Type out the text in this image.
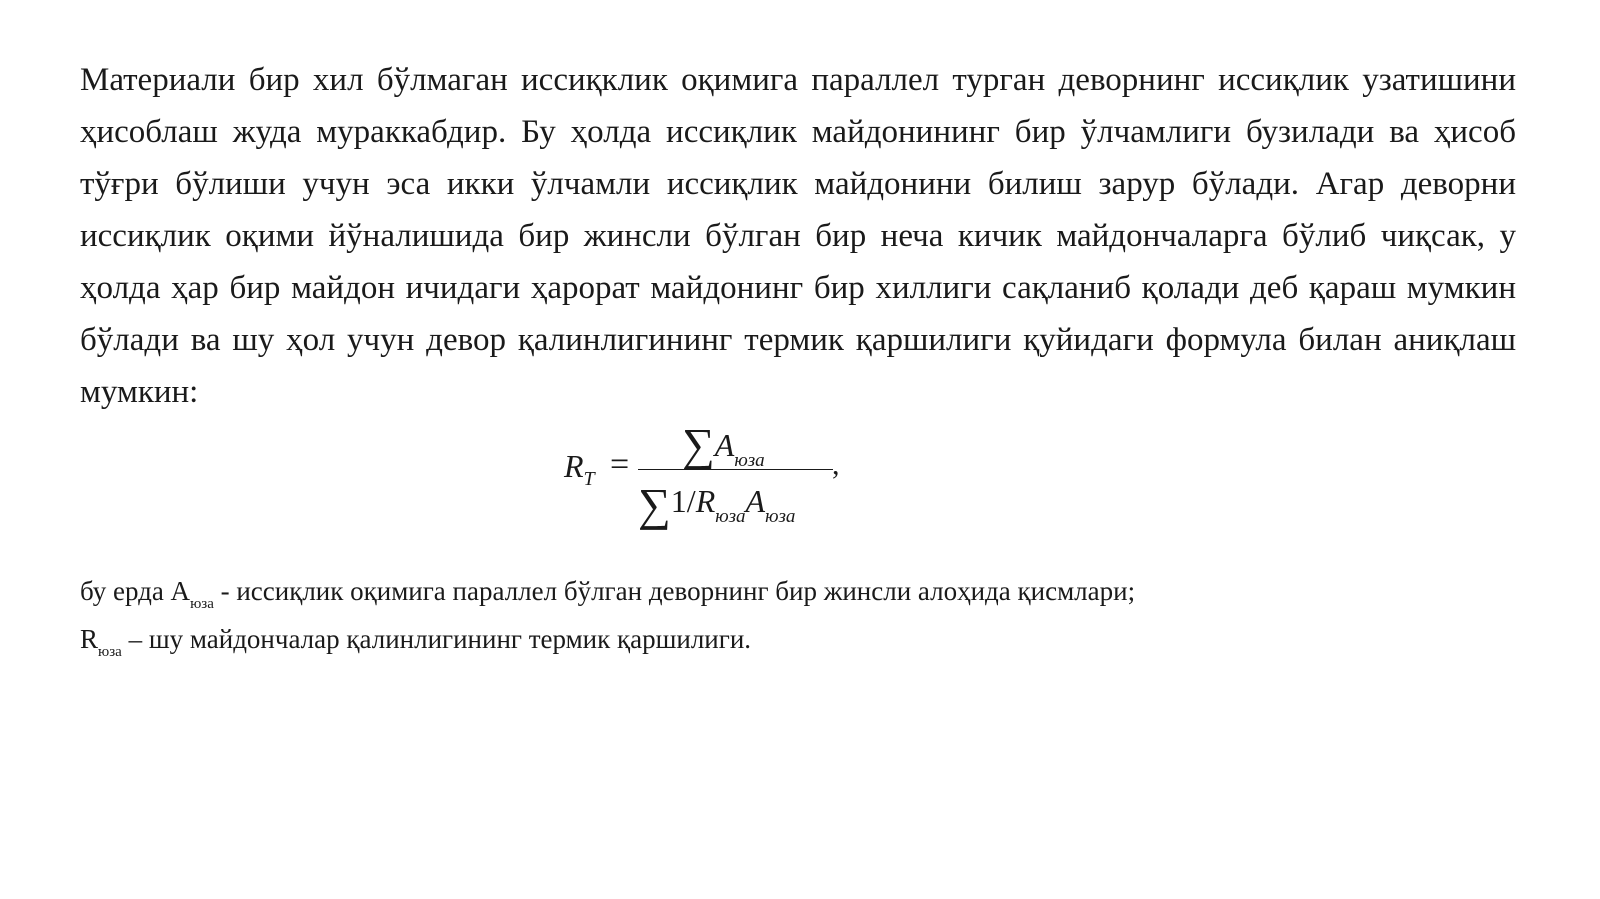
Материали бир хил бўлмаган иссиқклик оқимига параллел турган деворнинг иссиқлик узатишини ҳисоблаш жуда мураккабдир. Бу ҳолда иссиқлик майдонининг бир ўлчамлиги бузилади ва ҳисоб тўғри бўлиши учун эса икки ўлчамли иссиқлик майдонини билиш зарур бўлади. Агар деворни иссиқлик оқими йўналишида бир жинсли бўлган бир неча кичик майдончаларга бўлиб чиқсак, у ҳолда ҳар бир майдон ичидаги ҳарорат майдонинг бир хиллиги сақланиб қолади деб қараш мумкин бўлади ва шу ҳол учун девор қалинлигининг термик қаршилиги қуйидаги формула билан аниқлаш мумкин:

$R_T = \sum A_{юза}$
$\sum 1/R_{юза}A_{юза}$
,

бу ерда $A_{юза}$ - иссиқлик оқимига параллел бўлган деворнинг бир жинсли алоҳида қисмлари;

$R_{юза}$ – шу майдончалар қалинлигининг термик қаршилиги.
